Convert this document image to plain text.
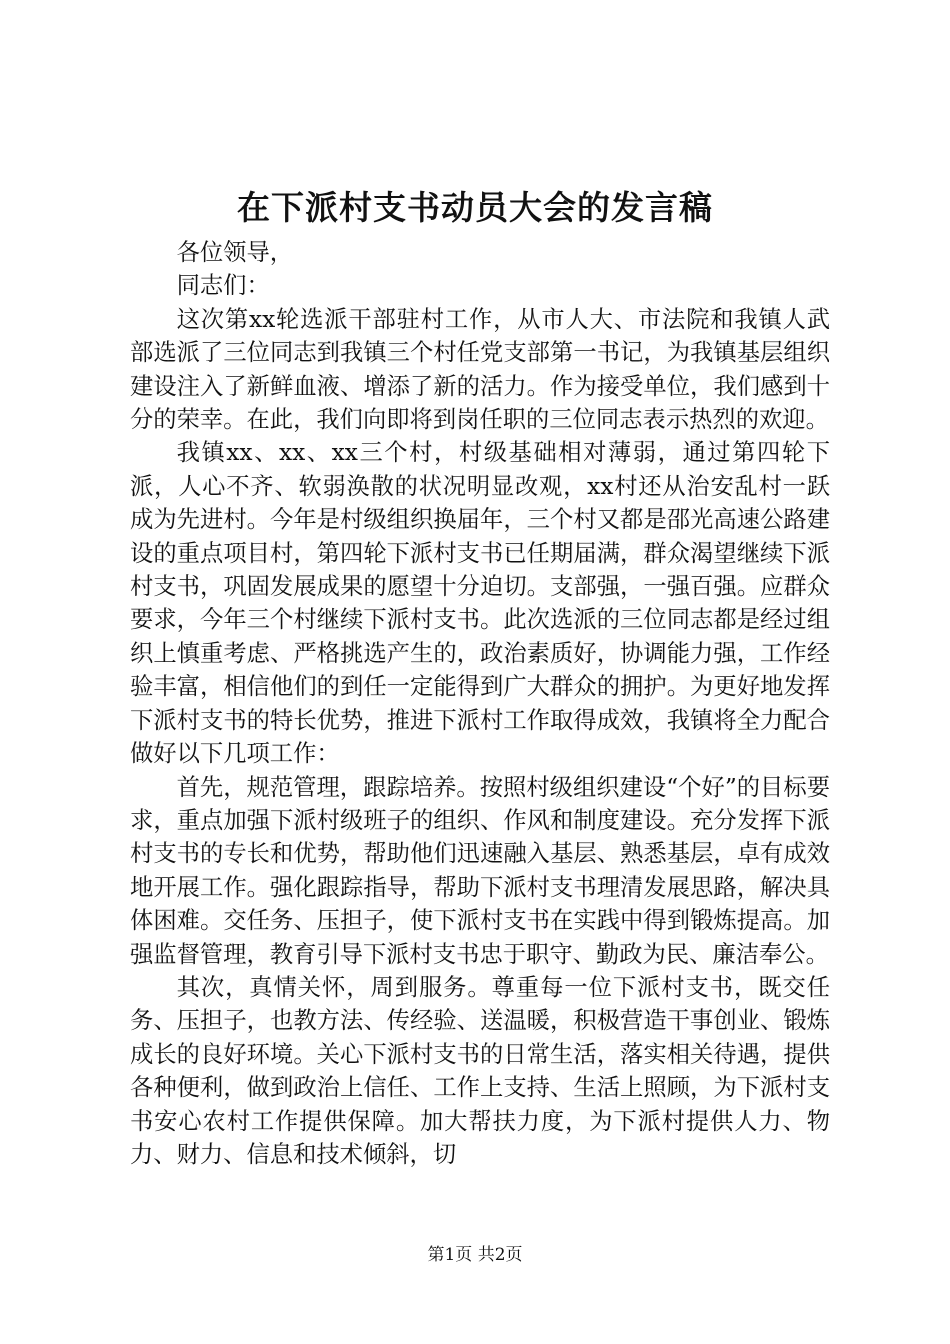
在下派村支书动员大会的发言稿

各位领导，

同志们：

这次第xx轮选派干部驻村工作，从市人大、市法院和我镇人武部选派了三位同志到我镇三个村任党支部第一书记，为我镇基层组织建设注入了新鲜血液、增添了新的活力。作为接受单位，我们感到十分的荣幸。在此，我们向即将到岗任职的三位同志表示热烈的欢迎。

我镇xx、xx、xx三个村，村级基础相对薄弱，通过第四轮下派，人心不齐、软弱涣散的状况明显改观，xx村还从治安乱村一跃成为先进村。今年是村级组织换届年，三个村又都是邵光高速公路建设的重点项目村，第四轮下派村支书已任期届满，群众渴望继续下派村支书，巩固发展成果的愿望十分迫切。支部强，一强百强。应群众要求，今年三个村继续下派村支书。此次选派的三位同志都是经过组织上慎重考虑、严格挑选产生的，政治素质好，协调能力强，工作经验丰富，相信他们的到任一定能得到广大群众的拥护。为更好地发挥下派村支书的特长优势，推进下派村工作取得成效，我镇将全力配合做好以下几项工作：

首先，规范管理，跟踪培养。按照村级组织建设“个好”的目标要求，重点加强下派村级班子的组织、作风和制度建设。充分发挥下派村支书的专长和优势，帮助他们迅速融入基层、熟悉基层，卓有成效地开展工作。强化跟踪指导，帮助下派村支书理清发展思路，解决具体困难。交任务、压担子，使下派村支书在实践中得到锻炼提高。加强监督管理，教育引导下派村支书忠于职守、勤政为民、廉洁奉公。

其次，真情关怀，周到服务。尊重每一位下派村支书，既交任务、压担子，也教方法、传经验、送温暖，积极营造干事创业、锻炼成长的良好环境。关心下派村支书的日常生活，落实相关待遇，提供各种便利，做到政治上信任、工作上支持、生活上照顾，为下派村支书安心农村工作提供保障。加大帮扶力度，为下派村提供人力、物力、财力、信息和技术倾斜，切

第1页 共2页
